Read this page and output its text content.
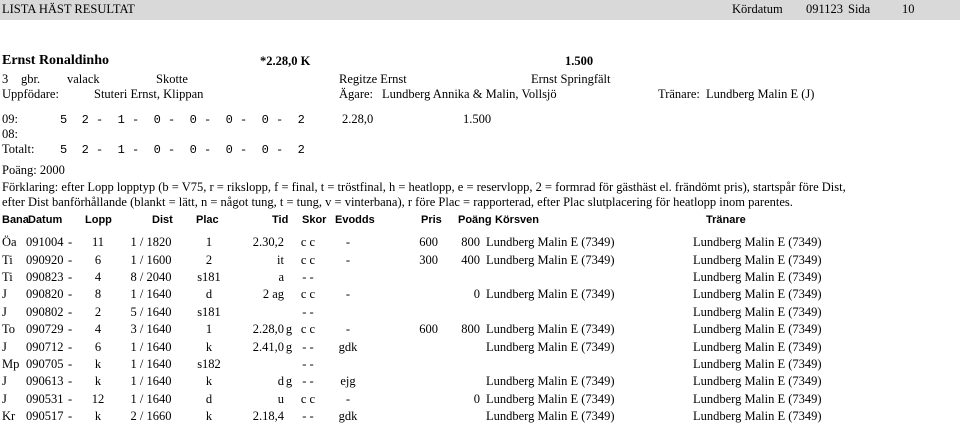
LISTA HÄST RESULTAT	Kördatum 091123 Sida	10
Ernst Ronaldinho	*2.28,0 K	1.500
3 gbr. valack	Skotte	Regitze Ernst	Ernst Springfält
Uppfödare:	Stuteri Ernst, Klippan	Ägare: Lundberg Annika & Malin, Vollsjö	Tränare: Lundberg Malin E (J)
09:	5  2 -  1 -  0 -  0 -  0 -  0 -  2	2.28,0	1.500
08:
Totalt: 5  2 -  1 -  0 -  0 -  0 -  0 -  2
Poäng: 2000
Förklaring: efter Lopp lopptyp (b = V75, r = rikslopp, f = final, t = tröstfinal, h = heatlopp, e = reservlopp, 2 = formrad för gästhäst el. frändömt pris), startspår före Dist,
efter Dist banförhållande (blankt = lätt, n = något tung, t = tung, v = vinterbana), r före Plac = rapporterad, efter Plac slutplacering för heatlopp inom parentes.
Bana Datum Lopp	Dist Plac	Tid Skor Evodds	Pris Poäng Körsven	Tränare
Öa	091004	-	11	1 / 1820	1	2.30,2		c c	-	600	800	Lundberg Malin E (7349)	Lundberg Malin E (7349)
Ti	090920	-	6	1 / 1600	2	it		c c	-	300	400	Lundberg Malin E (7349)	Lundberg Malin E (7349)
Ti	090823	-	4	8 / 2040	s181	a		- -					Lundberg Malin E (7349)
J	090820	-	8	1 / 1640	d	2 ag		c c	-		0	Lundberg Malin E (7349)	Lundberg Malin E (7349)
J	090802	-	2	5 / 1640	s181			- -					Lundberg Malin E (7349)
To	090729	-	4	3 / 1640	1	2.28,0	g	c c	-	600	800	Lundberg Malin E (7349)	Lundberg Malin E (7349)
J	090712	-	6	1 / 1640	k	2.41,0	g	- -	gdk			Lundberg Malin E (7349)	Lundberg Malin E (7349)
Mp	090705	-	k	1 / 1640	s182			- -					Lundberg Malin E (7349)
J	090613	-	k	1 / 1640	k	d	g	- -	ejg			Lundberg Malin E (7349)	Lundberg Malin E (7349)
J	090531	-	12	1 / 1640	d	u		c c	-		0	Lundberg Malin E (7349)	Lundberg Malin E (7349)
Kr	090517	-	k	2 / 1660	k	2.18,4		- -	gdk			Lundberg Malin E (7349)	Lundberg Malin E (7349)
